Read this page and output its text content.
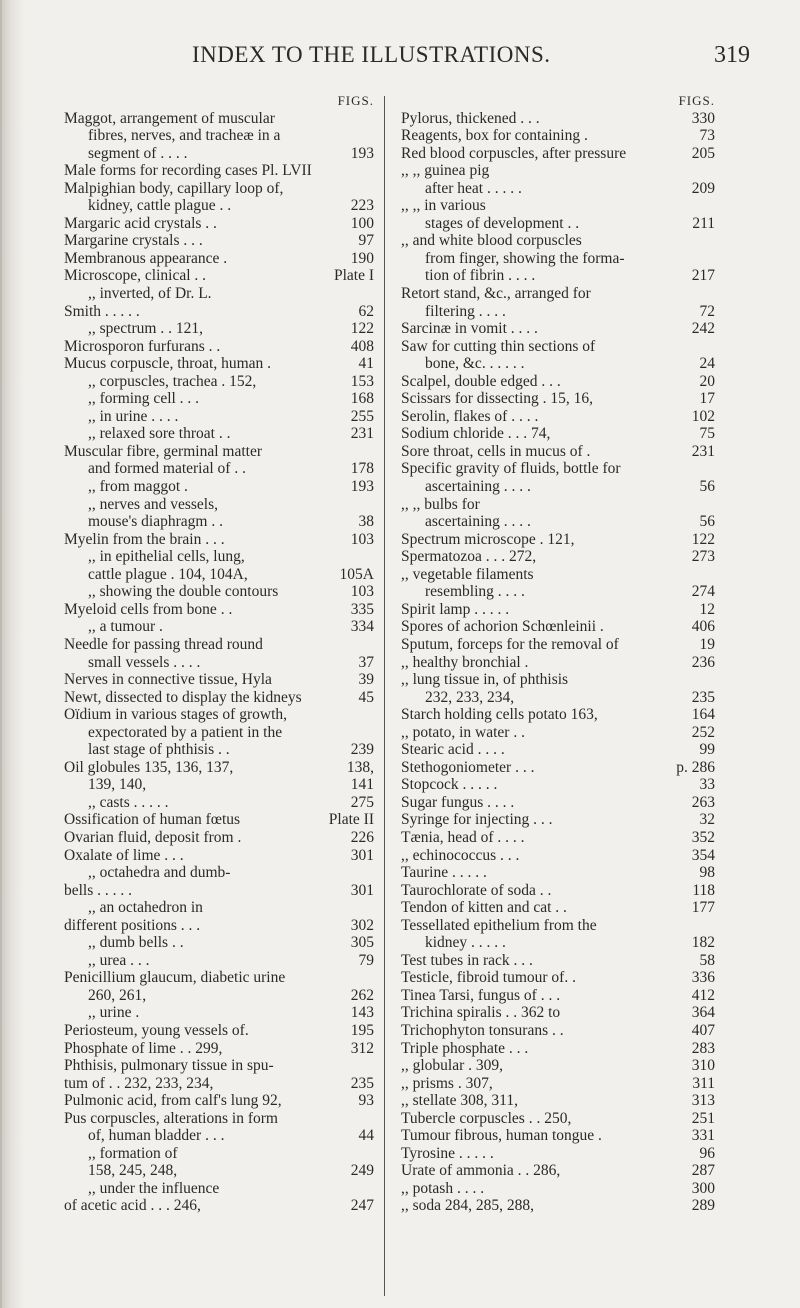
INDEX TO THE ILLUSTRATIONS.	319
FIGS.
Maggot, arrangement of muscular
fibres, nerves, and tracheæ in a
segment of . . . .	193
Male forms for recording cases Pl. LVII
Malpighian body, capillary loop of,
kidney, cattle plague . .	223
Margaric acid crystals . .	100
Margarine crystals . . .	97
Membranous appearance .	190
Microscope, clinical . .	Plate I
,, inverted, of Dr. L.
Smith . . . . .	62
,, spectrum . . 121,	122
Microsporon furfurans . .	408
Mucus corpuscle, throat, human .	41
,, corpuscles, trachea . 152,	153
,, forming cell . . .	168
,, in urine . . . .	255
,, relaxed sore throat . .	231
Muscular fibre, germinal matter
and formed material of . .	178
,, from maggot .	193
,, nerves and vessels,
mouse's diaphragm . .	38
Myelin from the brain . . .	103
,, in epithelial cells, lung,
cattle plague . 104, 104A,	105A
,, showing the double contours	103
Myeloid cells from bone . .	335
,, a tumour .	334
Needle for passing thread round
small vessels . . . .	37
Nerves in connective tissue, Hyla	39
Newt, dissected to display the kidneys	45
Oïdium in various stages of growth,
expectorated by a patient in the
last stage of phthisis . .	239
Oil globules 135, 136, 137,	138,
139, 140,	141
,, casts . . . . .	275
Ossification of human fœtus	Plate II
Ovarian fluid, deposit from .	226
Oxalate of lime . . .	301
,, octahedra and dumb-
bells . . . . .	301
,, an octahedron in
different positions . . .	302
,, dumb bells . .	305
,, urea . . .	79
Penicillium glaucum, diabetic urine
260, 261,	262
,, urine .	143
Periosteum, young vessels of.	195
Phosphate of lime . . 299,	312
Phthisis, pulmonary tissue in spu-
tum of . . 232, 233, 234,	235
Pulmonic acid, from calf's lung 92,	93
Pus corpuscles, alterations in form
of, human bladder . . .	44
,, formation of
158, 245, 248,	249
,, under the influence
of acetic acid . . . 246,	247
FIGS.
Pylorus, thickened . . .	330
Reagents, box for containing .	73
Red blood corpuscles, after pressure	205
,, ,, guinea pig
after heat . . . . .	209
,, ,, in various
stages of development . .	211
,, and white blood corpuscles
from finger, showing the forma-
tion of fibrin . . . .	217
Retort stand, &c., arranged for
filtering . . . .	72
Sarcinæ in vomit . . . .	242
Saw for cutting thin sections of
bone, &c. . . . . .	24
Scalpel, double edged . . .	20
Scissars for dissecting . 15, 16,	17
Serolin, flakes of . . . .	102
Sodium chloride . . . 74,	75
Sore throat, cells in mucus of .	231
Specific gravity of fluids, bottle for
ascertaining . . . .	56
,, ,, bulbs for
ascertaining . . . .	56
Spectrum microscope . 121,	122
Spermatozoa . . . 272,	273
,, vegetable filaments
resembling . . . .	274
Spirit lamp . . . . .	12
Spores of achorion Schœnleinii .	406
Sputum, forceps for the removal of	19
,, healthy bronchial .	236
,, lung tissue in, of phthisis
232, 233, 234,	235
Starch holding cells potato 163,	164
,, potato, in water . .	252
Stearic acid . . . .	99
Stethogoniometer . . .	p. 286
Stopcock . . . . .	33
Sugar fungus . . . .	263
Syringe for injecting . . .	32
Tænia, head of . . . .	352
,, echinococcus . . .	354
Taurine . . . . .	98
Taurochlorate of soda . .	118
Tendon of kitten and cat . .	177
Tessellated epithelium from the
kidney . . . . .	182
Test tubes in rack . . .	58
Testicle, fibroid tumour of. .	336
Tinea Tarsi, fungus of . . .	412
Trichina spiralis . . 362 to	364
Trichophyton tonsurans . .	407
Triple phosphate . . .	283
,, globular . 309,	310
,, prisms . 307,	311
,, stellate 308, 311,	313
Tubercle corpuscles . . 250,	251
Tumour fibrous, human tongue .	331
Tyrosine . . . . .	96
Urate of ammonia . . 286,	287
,, potash . . . .	300
,, soda 284, 285, 288,	289
